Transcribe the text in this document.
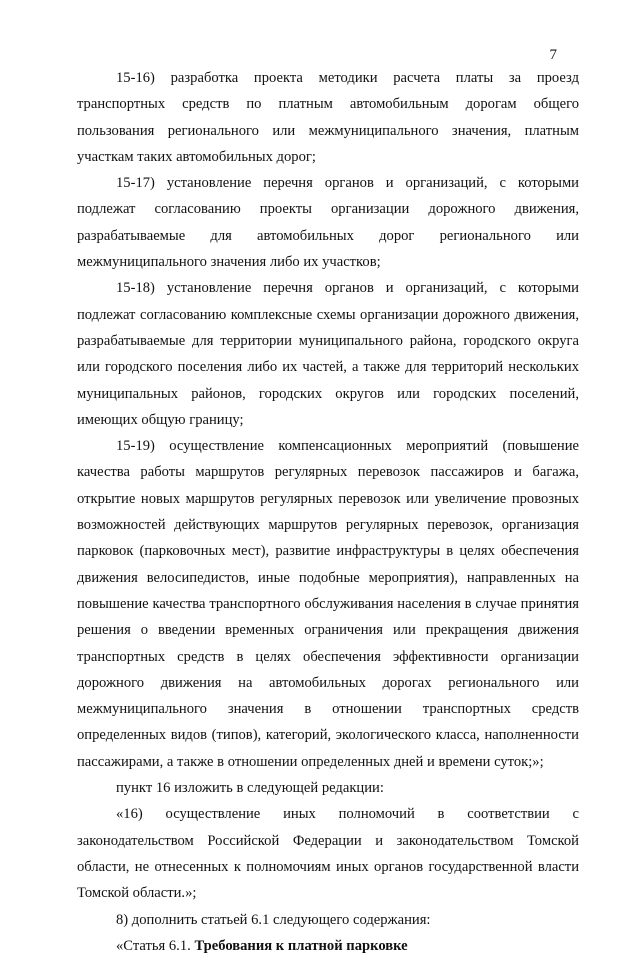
7

15-16) разработка проекта методики расчета платы за проезд транспортных средств по платным автомобильным дорогам общего пользования регионального или межмуниципального значения, платным участкам таких автомобильных дорог;

15-17) установление перечня органов и организаций, с которыми подлежат согласованию проекты организации дорожного движения, разрабатываемые для автомобильных дорог регионального или межмуниципального значения либо их участков;

15-18) установление перечня органов и организаций, с которыми подлежат согласованию комплексные схемы организации дорожного движения, разрабатываемые для территории муниципального района, городского округа или городского поселения либо их частей, а также для территорий нескольких муниципальных районов, городских округов или городских поселений, имеющих общую границу;

15-19) осуществление компенсационных мероприятий (повышение качества работы маршрутов регулярных перевозок пассажиров и багажа, открытие новых маршрутов регулярных перевозок или увеличение провозных возможностей действующих маршрутов регулярных перевозок, организация парковок (парковочных мест), развитие инфраструктуры в целях обеспечения движения велосипедистов, иные подобные мероприятия), направленных на повышение качества транспортного обслуживания населения в случае принятия решения о введении временных ограничения или прекращения движения транспортных средств в целях обеспечения эффективности организации дорожного движения на автомобильных дорогах регионального или межмуниципального значения в отношении транспортных средств определенных видов (типов), категорий, экологического класса, наполненности пассажирами, а также в отношении определенных дней и времени суток;»;

пункт 16 изложить в следующей редакции:

«16) осуществление иных полномочий в соответствии с законодательством Российской Федерации и законодательством Томской области, не отнесенных к полномочиям иных органов государственной власти Томской области.»;

8) дополнить статьей 6.1 следующего содержания:

«Статья 6.1. Требования к платной парковке
